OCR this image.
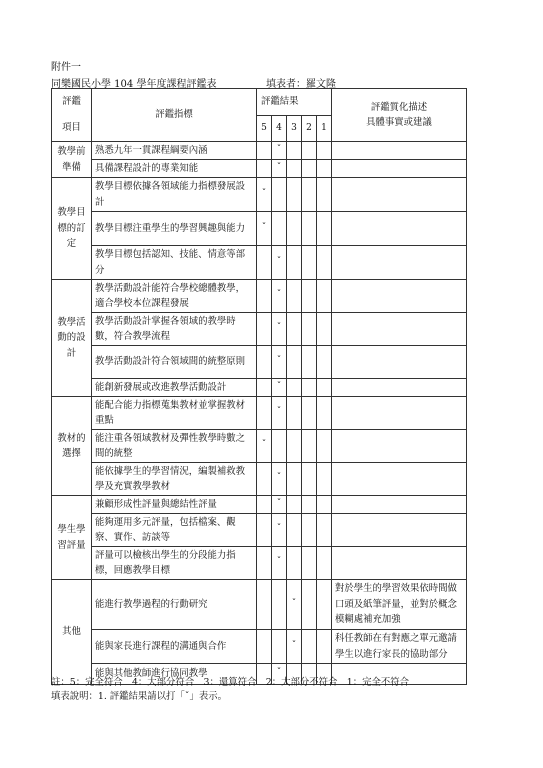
附件一
同樂國民小學 104 學年度課程評鑑表	填表者：羅文隆
評鑑
項目	評鑑指標	評鑑結果					評鑑質化描述
具體事實或建議
		5	4	3	2	1	
教學前準備	熟悉九年一貫課程綱要內涵		ˇ				
	具備課程設計的專業知能		ˇ				
教學目標的訂定	教學目標依據各領域能力指標發展設計	ˇ					
	教學目標注重學生的學習興趣與能力	ˇ					
	教學目標包括認知、技能、情意等部分		ˇ				
教學活動的設計	教學活動設計能符合學校總體教學，適合學校本位課程發展		ˇ				
	教學活動設計掌握各領域的教學時數，符合教學流程		ˇ				
	教學活動設計符合領域間的統整原則		ˇ				
	能創新發展或改進教學活動設計		ˇ				
教材的選擇	能配合能力指標蒐集教材並掌握教材重點		ˇ				
	能注重各領域教材及彈性教學時數之間的統整	ˇ					
	能依據學生的學習情況，編製補救教學及充實教學教材		ˇ				
學生學習評量	兼顧形成性評量與總結性評量		ˇ				
	能夠運用多元評量，包括檔案、觀察、實作、訪談等		ˇ				
	評量可以檢核出學生的分段能力指標，回應教學目標		ˇ				
其他	能進行教學過程的行動研究			ˇ			對於學生的學習效果依時間做口頭及紙筆評量，並對於概念模糊處補充加強
	能與家長進行課程的溝通與合作			ˇ			科任教師在有對應之單元邀請學生以進行家長的協助部分
	能與其他教師進行協同教學		ˇ				
註：5：完全符合　4：大部分符合　3：還算符合　2：大部分不符合　1：完全不符合
填表說明：1. 評鑑結果請以打「ˇ」表示。
